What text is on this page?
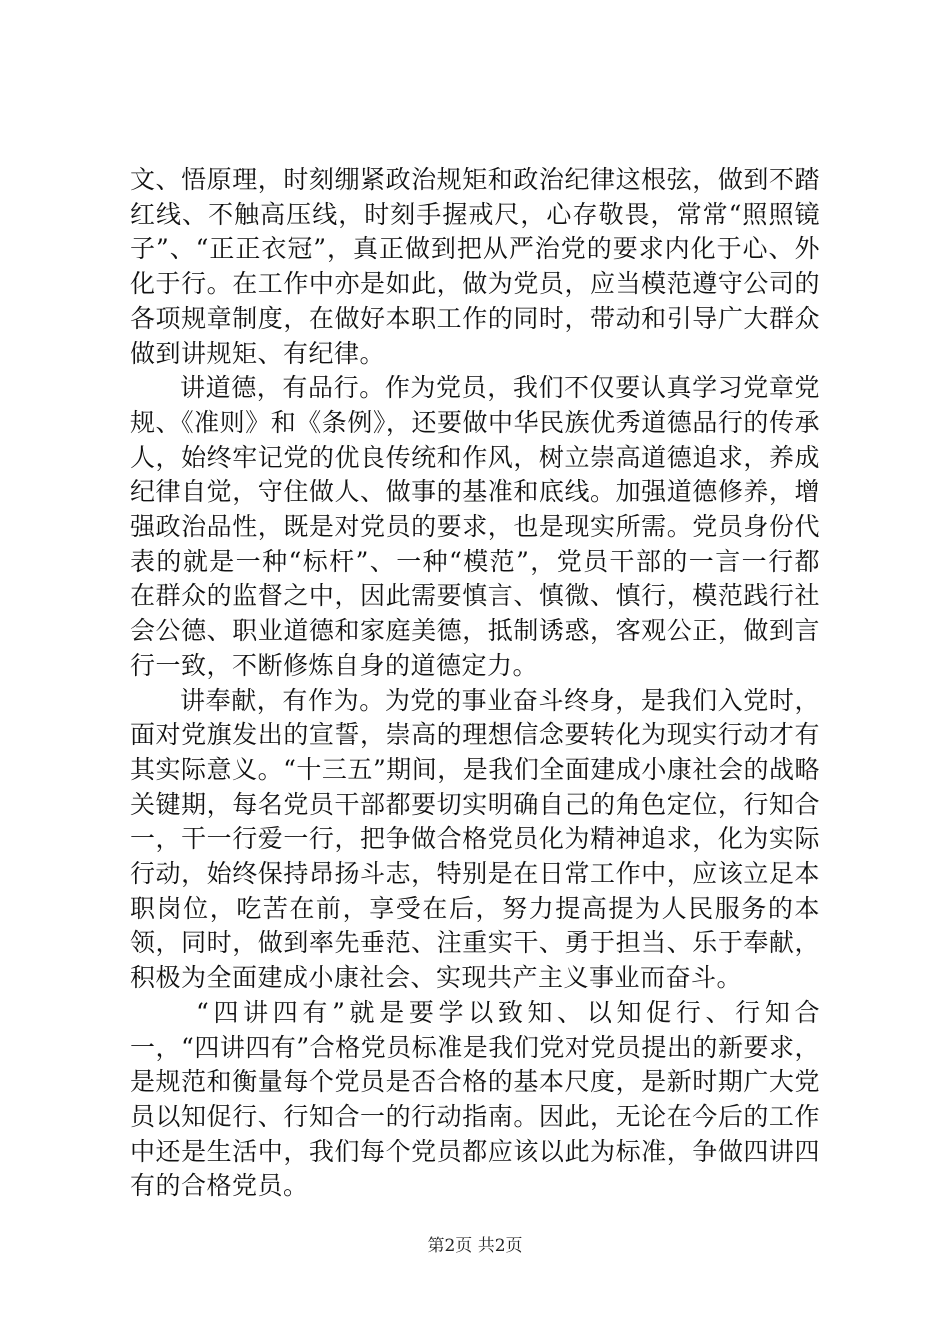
文、悟原理，时刻绷紧政治规矩和政治纪律这根弦，做到不踏红线、不触高压线，时刻手握戒尺，心存敬畏，常常“照照镜子”、“正正衣冠”，真正做到把从严治党的要求内化于心、外化于行。在工作中亦是如此，做为党员，应当模范遵守公司的各项规章制度，在做好本职工作的同时，带动和引导广大群众做到讲规矩、有纪律。

讲道德，有品行。作为党员，我们不仅要认真学习党章党规、《准则》和《条例》，还要做中华民族优秀道德品行的传承人，始终牢记党的优良传统和作风，树立崇高道德追求，养成纪律自觉，守住做人、做事的基准和底线。加强道德修养，增强政治品性，既是对党员的要求，也是现实所需。党员身份代表的就是一种“标杆”、一种“模范”，党员干部的一言一行都在群众的监督之中，因此需要慎言、慎微、慎行，模范践行社会公德、职业道德和家庭美德，抵制诱惑，客观公正，做到言行一致，不断修炼自身的道德定力。

讲奉献，有作为。为党的事业奋斗终身，是我们入党时，面对党旗发出的宣誓，崇高的理想信念要转化为现实行动才有其实际意义。“十三五”期间，是我们全面建成小康社会的战略关键期，每名党员干部都要切实明确自己的角色定位，行知合一，干一行爱一行，把争做合格党员化为精神追求，化为实际行动，始终保持昂扬斗志，特别是在日常工作中，应该立足本职岗位，吃苦在前，享受在后，努力提高提为人民服务的本领，同时，做到率先垂范、注重实干、勇于担当、乐于奉献，积极为全面建成小康社会、实现共产主义事业而奋斗。

“四讲四有”就是要学以致知、以知促行、行知合一，“四讲四有”合格党员标准是我们党对党员提出的新要求，是规范和衡量每个党员是否合格的基本尺度，是新时期广大党员以知促行、行知合一的行动指南。因此，无论在今后的工作中还是生活中，我们每个党员都应该以此为标准，争做四讲四有的合格党员。

第2页 共2页
